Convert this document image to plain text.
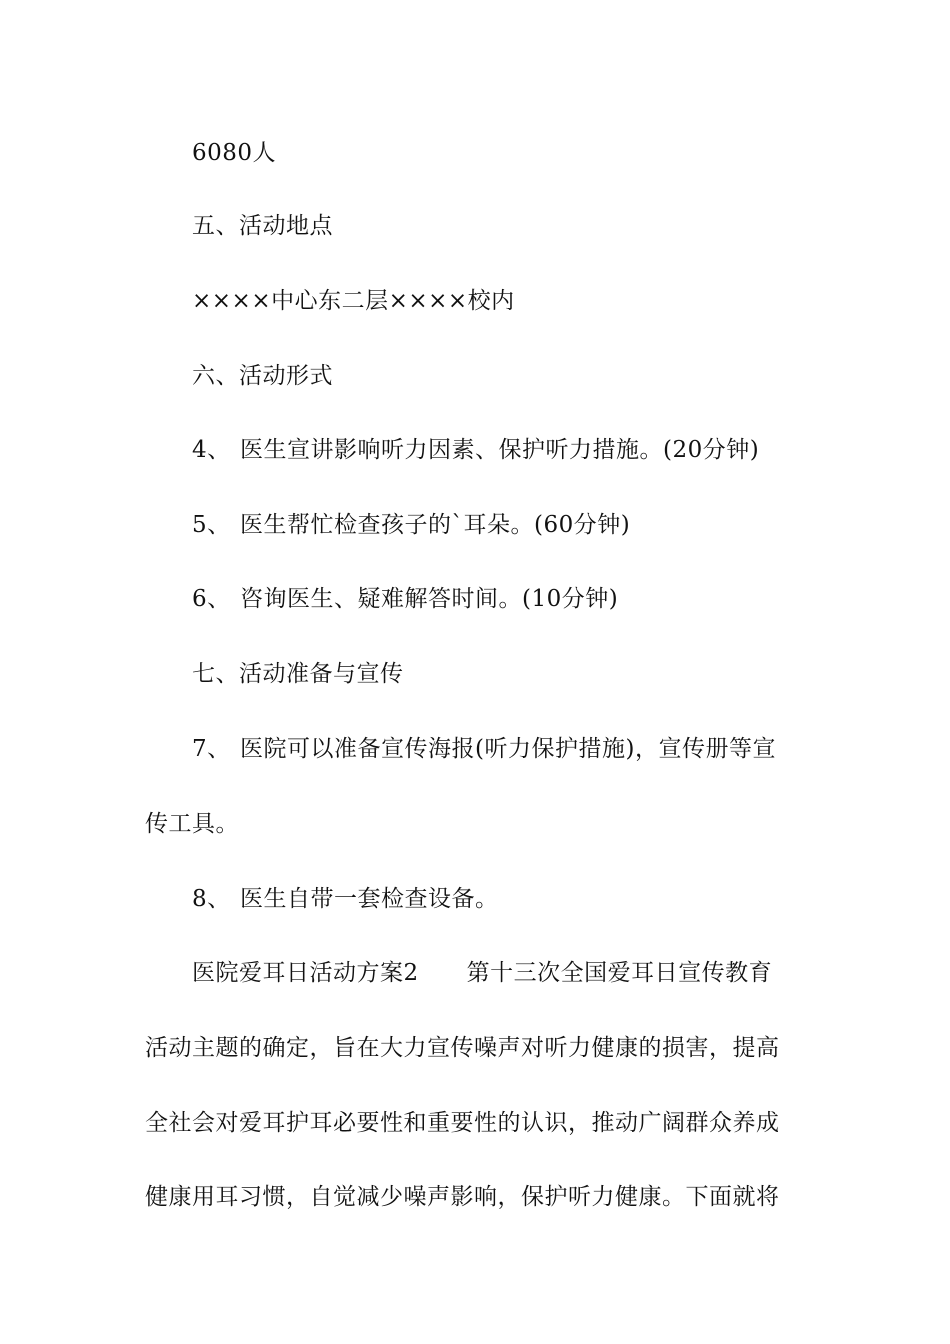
6080人
五、活动地点
××××中心东二层××××校内
六、活动形式
4、 医生宣讲影响听力因素、保护听力措施。(20分钟)
5、 医生帮忙检查孩子的`耳朵。(60分钟)
6、 咨询医生、疑难解答时间。(10分钟)
七、活动准备与宣传
7、 医院可以准备宣传海报(听力保护措施)，宣传册等宣
传工具。
8、 医生自带一套检查设备。
医院爱耳日活动方案2 第十三次全国爱耳日宣传教育
活动主题的确定，旨在大力宣传噪声对听力健康的损害，提高
全社会对爱耳护耳必要性和重要性的认识，推动广阔群众养成
健康用耳习惯，自觉减少噪声影响，保护听力健康。下面就将
